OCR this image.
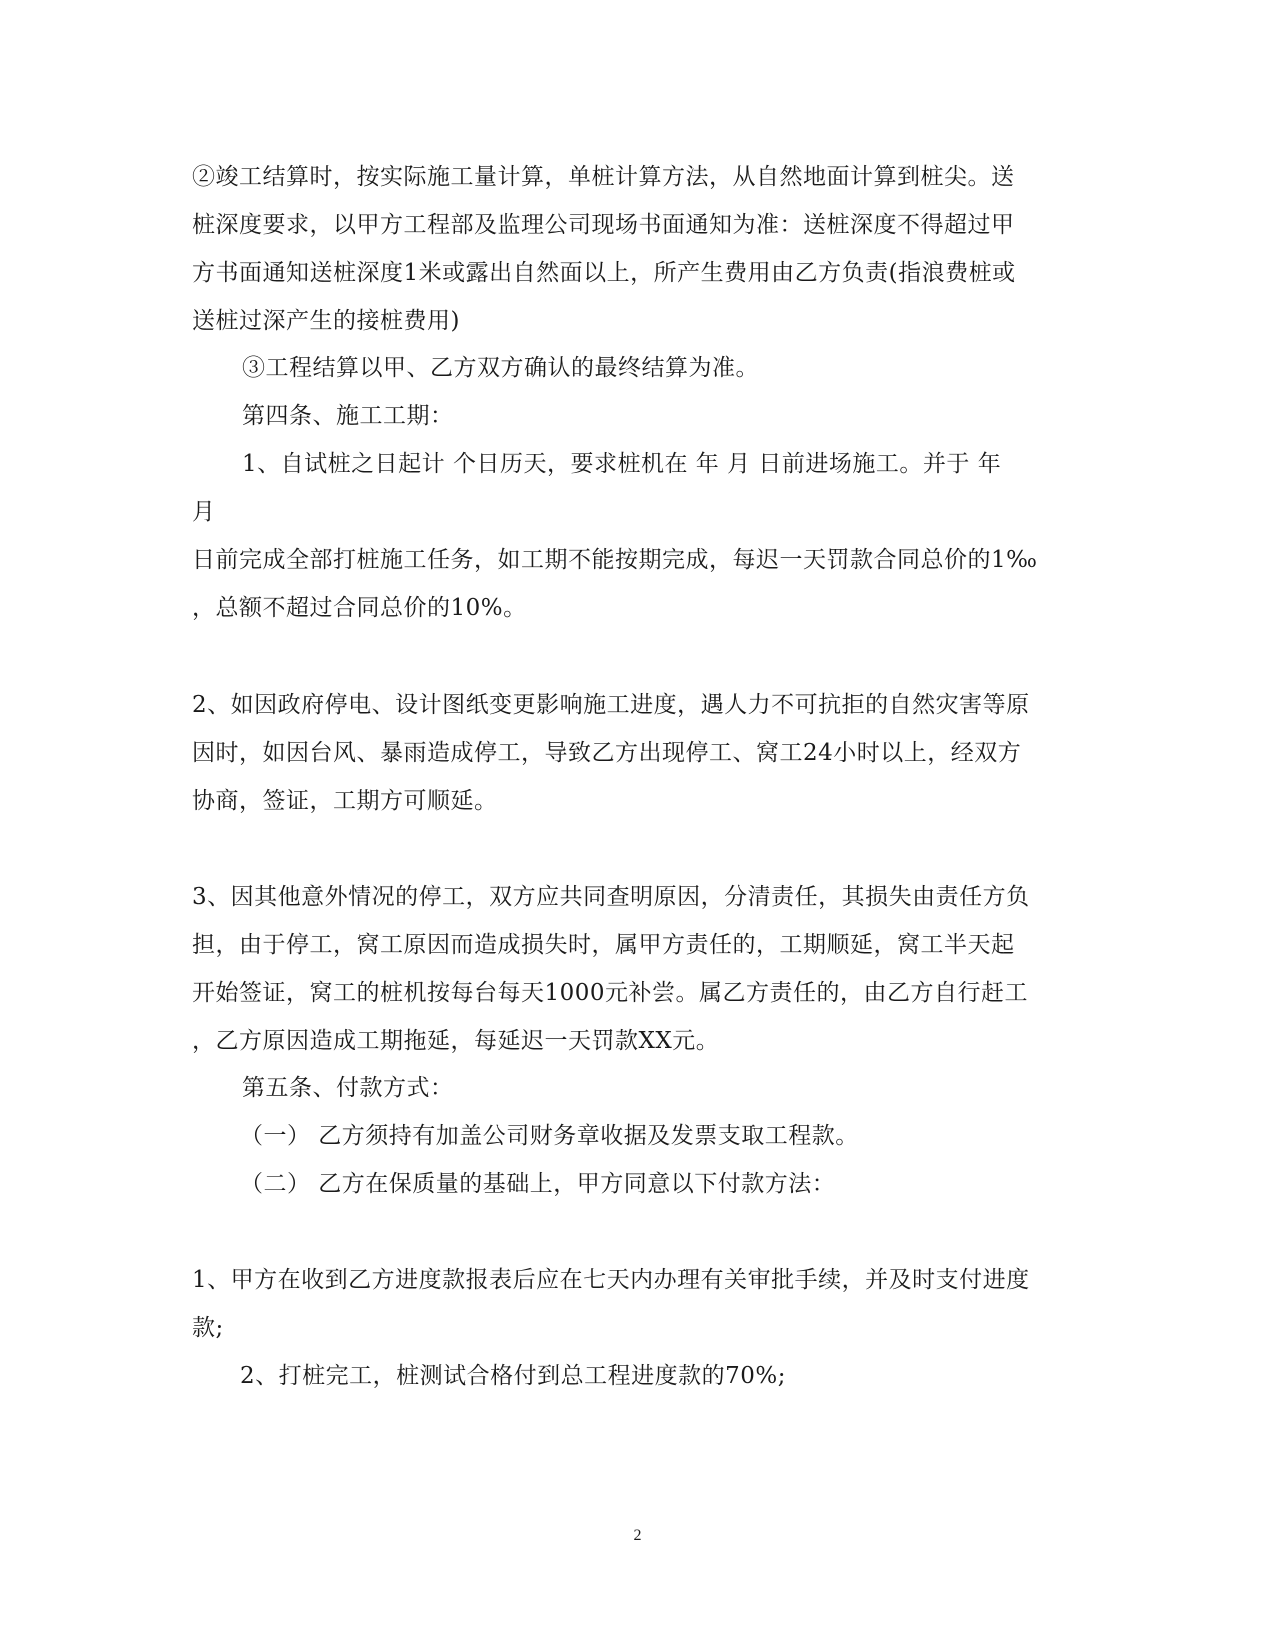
②竣工结算时，按实际施工量计算，单桩计算方法，从自然地面计算到桩尖。送
桩深度要求，以甲方工程部及监理公司现场书面通知为准：送桩深度不得超过甲
方书面通知送桩深度1米或露出自然面以上，所产生费用由乙方负责(指浪费桩或
送桩过深产生的接桩费用)
③工程结算以甲、乙方双方确认的最终结算为准。
第四条、施工工期：
1、自试桩之日起计 个日历天，要求桩机在 年 月 日前进场施工。并于 年
月
日前完成全部打桩施工任务，如工期不能按期完成，每迟一天罚款合同总价的1‰
，总额不超过合同总价的10%。
2、如因政府停电、设计图纸变更影响施工进度，遇人力不可抗拒的自然灾害等原
因时，如因台风、暴雨造成停工，导致乙方出现停工、窝工24小时以上，经双方
协商，签证，工期方可顺延。
3、因其他意外情况的停工，双方应共同查明原因，分清责任，其损失由责任方负
担，由于停工，窝工原因而造成损失时，属甲方责任的，工期顺延，窝工半天起
开始签证，窝工的桩机按每台每天1000元补尝。属乙方责任的，由乙方自行赶工
，乙方原因造成工期拖延，每延迟一天罚款XX元。
第五条、付款方式：
（一） 乙方须持有加盖公司财务章收据及发票支取工程款。
（二） 乙方在保质量的基础上，甲方同意以下付款方法：
1、甲方在收到乙方进度款报表后应在七天内办理有关审批手续，并及时支付进度
款;
2、打桩完工，桩测试合格付到总工程进度款的70%;
2
